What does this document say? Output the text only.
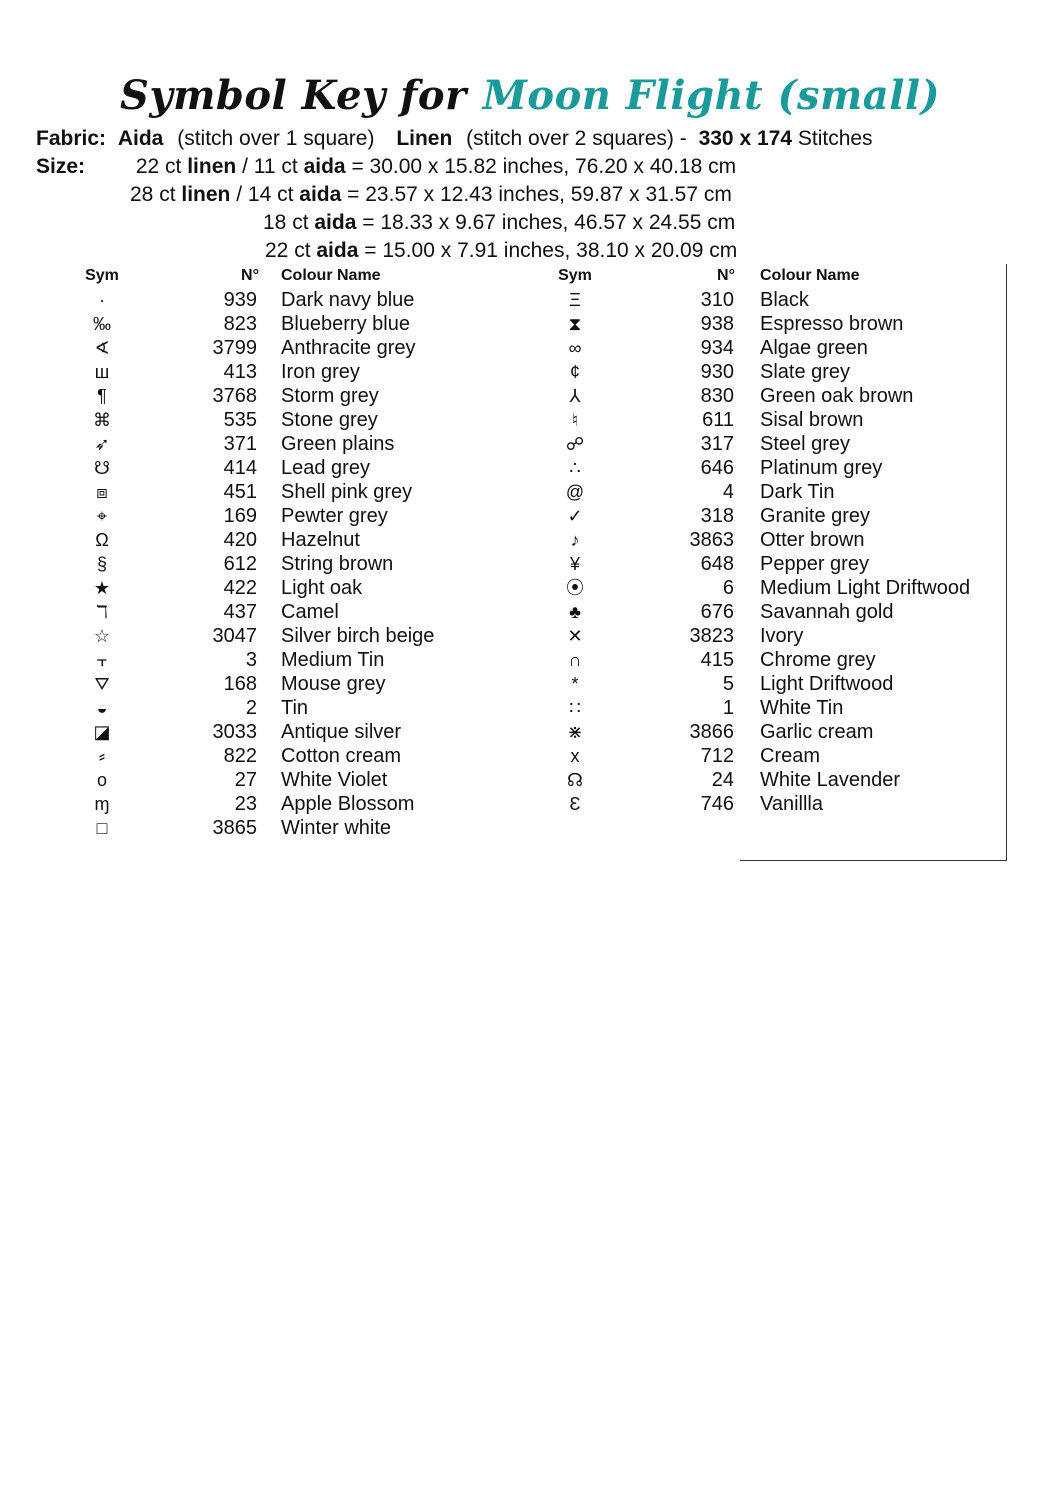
Symbol Key for Moon Flight (small)
Fabric: Aida (stitch over 1 square) Linen (stitch over 2 squares) - 330 x 174 Stitches
Size: 22 ct linen / 11 ct aida = 30.00 x 15.82 inches, 76.20 x 40.18 cm
28 ct linen / 14 ct aida = 23.57 x 12.43 inches, 59.87 x 31.57 cm
18 ct aida = 18.33 x 9.67 inches, 46.57 x 24.55 cm
22 ct aida = 15.00 x 7.91 inches, 38.10 x 20.09 cm
Sym	N° Colour Name
·	939 Dark navy blue
‰	823 Blueberry blue
∢	3799 Anthracite grey
ш	413 Iron grey
¶	3768 Storm grey
⌘	535 Stone grey
➶	371 Green plains
☋	414 Lead grey
⧈	451 Shell pink grey
⌖	169 Pewter grey
Ω	420 Hazelnut
§	612 String brown
★	422 Light oak
ℸ	437 Camel
☆	3047 Silver birch beige
⫟	3 Medium Tin
⛛	168 Mouse grey
◒	2 Tin
◪	3033 Antique silver
⸗	822 Cotton cream
o	27 White Violet
ɱ	23 Apple Blossom
□	3865 Winter white
Sym	N° Colour Name
Ξ	310 Black
⧗	938 Espresso brown
∞	934 Algae green
¢	930 Slate grey
⅄	830 Green oak brown
♮	611 Sisal brown
☍	317 Steel grey
∴	646 Platinum grey
@	4 Dark Tin
✓	318 Granite grey
♪	3863 Otter brown
¥	648 Pepper grey
⦿	6 Medium Light Driftwood
♣	676 Savannah gold
✕	3823 Ivory
∩	415 Chrome grey
*	5 Light Driftwood
∷	1 White Tin
⋇	3866 Garlic cream
x	712 Cream
☊	24 White Lavender
Ɛ	746 Vanillla
